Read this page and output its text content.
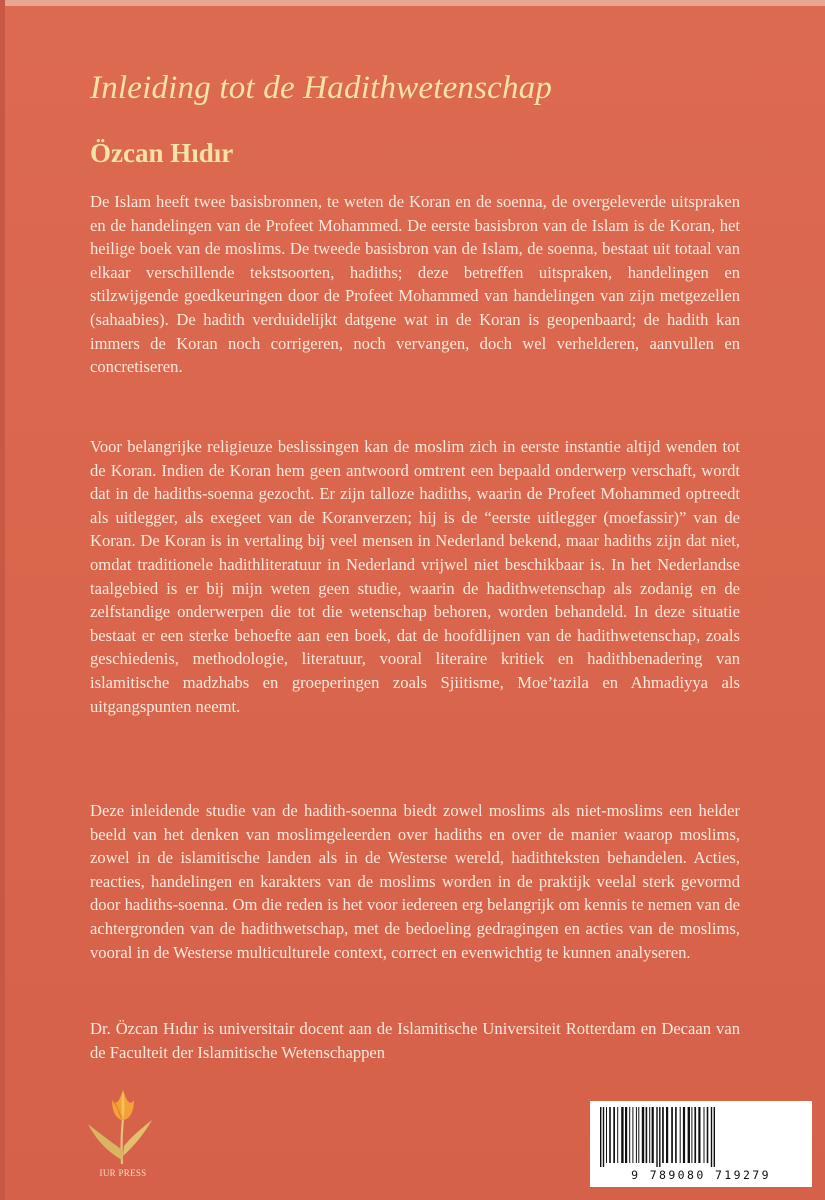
Inleiding tot de Hadithwetenschap
Özcan Hıdır

De Islam heeft twee basisbronnen, te weten de Koran en de soenna, de overgeleverde uitspraken en de handelingen van de Profeet Mohammed. De eerste basisbron van de Islam is de Koran, het heilige boek van de moslims. De tweede basisbron van de Islam, de soenna, bestaat uit totaal van elkaar verschillende tekstsoorten, hadiths; deze betreffen uitspraken, handelingen en stilzwijgende goedkeuringen door de Profeet Mohammed van handelingen van zijn metgezellen (sahaabies). De hadith verduidelijkt datgene wat in de Koran is geopenbaard; de hadith kan immers de Koran noch corrigeren, noch vervangen, doch wel verhelderen, aanvullen en concretiseren.

Voor belangrijke religieuze beslissingen kan de moslim zich in eerste instantie altijd wenden tot de Koran. Indien de Koran hem geen antwoord omtrent een bepaald onderwerp verschaft, wordt dat in de hadiths-soenna gezocht. Er zijn talloze hadiths, waarin de Profeet Mohammed optreedt als uitlegger, als exegeet van de Koranverzen; hij is de “eerste uitlegger (moefassir)” van de Koran. De Koran is in vertaling bij veel mensen in Nederland bekend, maar hadiths zijn dat niet, omdat traditionele hadithliteratuur in Nederland vrijwel niet beschikbaar is. In het Nederlandse taalgebied is er bij mijn weten geen studie, waarin de hadithwetenschap als zodanig en de zelfstandige onderwerpen die tot die wetenschap behoren, worden behandeld. In deze situatie bestaat er een sterke behoefte aan een boek, dat de hoofdlijnen van de hadithwetenschap, zoals geschiedenis, methodologie, literatuur, vooral literaire kritiek en hadithbenadering van islamitische madzhabs en groeperingen zoals Sjiitisme, Moe’tazila en Ahmadiyya als uitgangspunten neemt.

Deze inleidende studie van de hadith-soenna biedt zowel moslims als niet-moslims een helder beeld van het denken van moslimgeleerden over hadiths en over de manier waarop moslims, zowel in de islamitische landen als in de Westerse wereld, hadithteksten behandelen. Acties, reacties, handelingen en karakters van de moslims worden in de praktijk veelal sterk gevormd door hadiths-soenna. Om die reden is het voor iedereen erg belangrijk om kennis te nemen van de achtergronden van de hadithwetschap, met de bedoeling gedragingen en acties van de moslims, vooral in de Westerse multiculturele context, correct en evenwichtig te kunnen analyseren.

Dr. Özcan Hıdır is universitair docent aan de Islamitische Universiteit Rotterdam en Decaan van de Faculteit der Islamitische Wetenschappen

IUR PRESS	9 789080 719279
